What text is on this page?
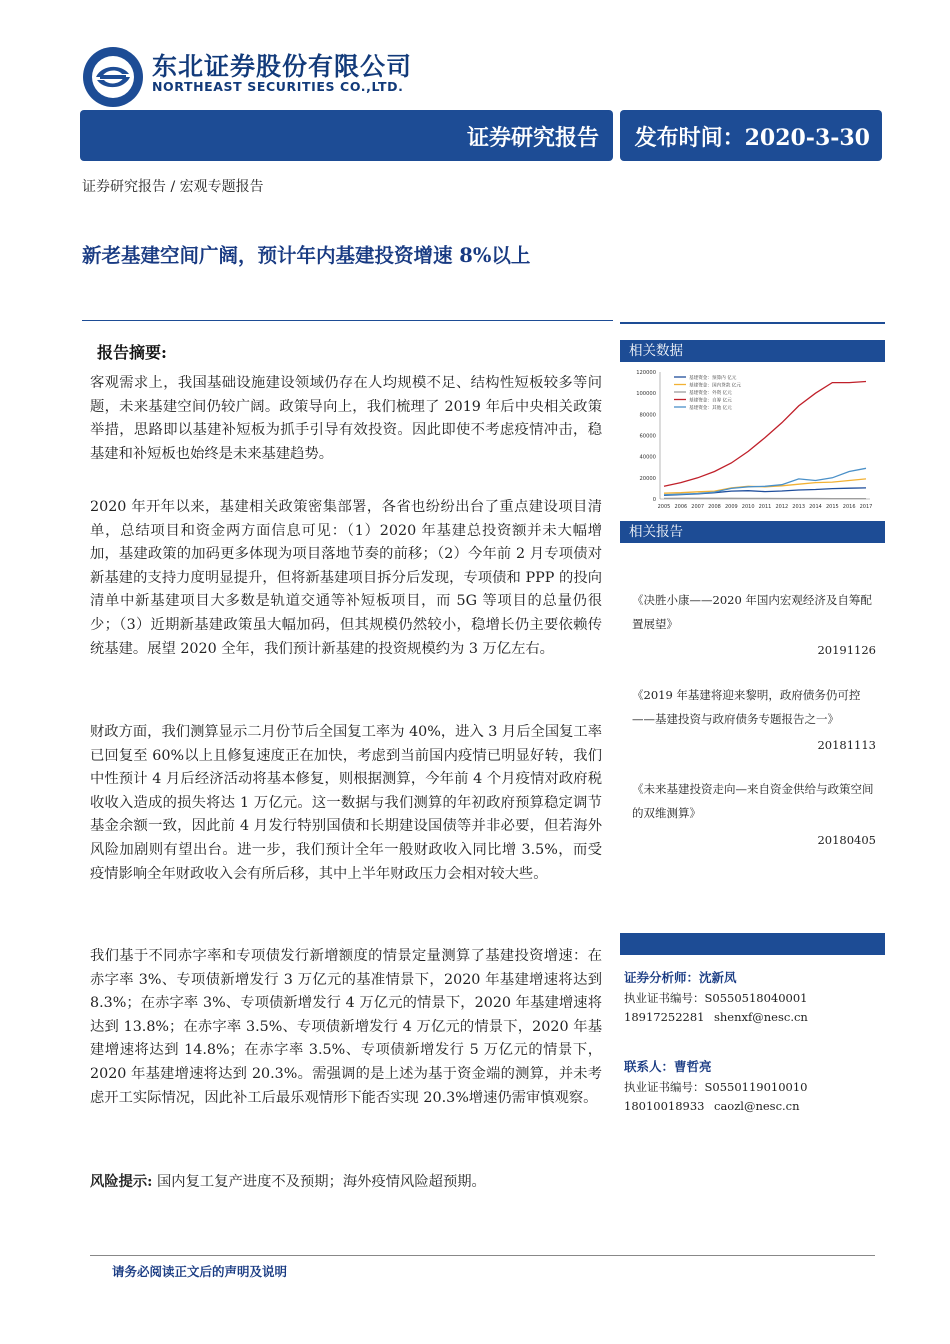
东北证券股份有限公司
NORTHEAST SECURITIES CO.,LTD.
证券研究报告 发布时间：2020-3-30
证券研究报告 / 宏观专题报告
新老基建空间广阔，预计年内基建投资增速 8%以上
报告摘要:

客观需求上，我国基础设施建设领域仍存在人均规模不足、结构性短板较多等问题，未来基建空间仍较广阔。政策导向上，我们梳理了 2019 年后中央相关政策举措，思路即以基建补短板为抓手引导有效投资。因此即使不考虑疫情冲击，稳基建和补短板也始终是未来基建趋势。

2020 年开年以来，基建相关政策密集部署，各省也纷纷出台了重点建设项目清单，总结项目和资金两方面信息可见：（1）2020 年基建总投资额并未大幅增加，基建政策的加码更多体现为项目落地节奏的前移；（2）今年前 2 月专项债对新基建的支持力度明显提升，但将新基建项目拆分后发现，专项债和 PPP 的投向清单中新基建项目大多数是轨道交通等补短板项目，而 5G 等项目的总量仍很少；（3）近期新基建政策虽大幅加码，但其规模仍然较小，稳增长仍主要依赖传统基建。展望 2020 全年，我们预计新基建的投资规模约为 3 万亿左右。

财政方面，我们测算显示二月份节后全国复工率为 40%，进入 3 月后全国复工率已回复至 60%以上且修复速度正在加快，考虑到当前国内疫情已明显好转，我们中性预计 4 月后经济活动将基本修复，则根据测算，今年前 4 个月疫情对政府税收收入造成的损失将达 1 万亿元。这一数据与我们测算的年初政府预算稳定调节基金余额一致，因此前 4 月发行特别国债和长期建设国债等并非必要，但若海外风险加剧则有望出台。进一步，我们预计全年一般财政收入同比增 3.5%，而受疫情影响全年财政收入会有所后移，其中上半年财政压力会相对较大些。

我们基于不同赤字率和专项债发行新增额度的情景定量测算了基建投资增速：在赤字率 3%、专项债新增发行 3 万亿元的基准情景下，2020 年基建增速将达到 8.3%；在赤字率 3%、专项债新增发行 4 万亿元的情景下，2020 年基建增速将达到 13.8%；在赤字率 3.5%、专项债新增发行 4 万亿元的情景下，2020 年基建增速将达到 14.8%；在赤字率 3.5%、专项债新增发行 5 万亿元的情景下，2020 年基建增速将达到 20.3%。需强调的是上述为基于资金端的测算，并未考虑开工实际情况，因此补工后最乐观情形下能否实现 20.3%增速仍需审慎观察。

风险提示: 国内复工复产进度不及预期；海外疫情风险超预期。
相关数据
0
20000
40000
60000
80000
100000
120000
2005 2006 2007 2008 2009 2010 2011 2012 2013 2014 2015 2016 2017
基建资金：预算内 亿元
基建资金：国内贷款 亿元
基建资金：外资 亿元
基建资金：自筹 亿元
基建资金：其他 亿元
相关报告
《决胜小康——2020 年国内宏观经济及自筹配置展望》
20191126
《2019 年基建将迎来黎明，政府债务仍可控——基建投资与政府债务专题报告之一》
20181113
《未来基建投资走向—来自资金供给与政策空间的双维测算》
20180405
证券分析师：沈新凤
执业证书编号：S0550518040001
18917252281 shenxf@nesc.cn
联系人：曹哲亮
执业证书编号：S0550119010010
18010018933 caozl@nesc.cn
请务必阅读正文后的声明及说明
